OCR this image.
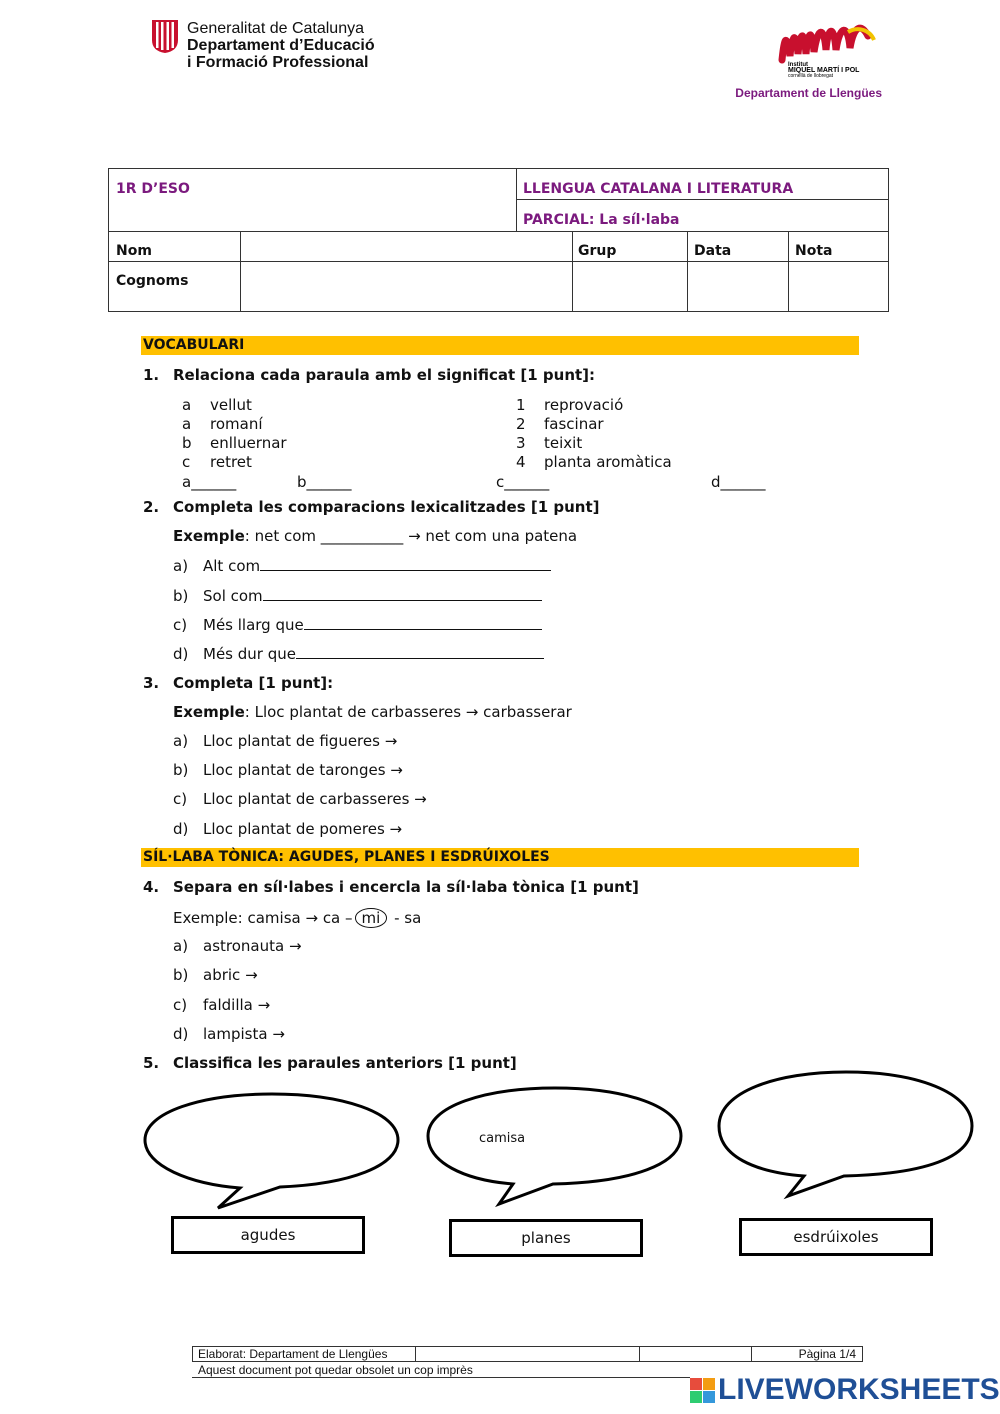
Generalitat de Catalunya
Departament d’Educació
i Formació Professional	Institut
MIQUEL MARTÍ I POL
cornellà de llobregat
Departament de Llengües
1R D’ESO	LLENGUA CATALANA I LITERATURA
PARCIAL: La síl·laba
Nom	Grup	Data	Nota
Cognoms
VOCABULARI
1. Relaciona cada paraula amb el significat [1 punt]:
a vellut
a romaní
b enlluernar
c retret
1 reprovació
2 fascinar
3 teixit
4 planta aromàtica
a______	b______	c______	d______
2. Completa les comparacions lexicalitzades [1 punt]
Exemple: net com ___________ → net com una patena
a) Alt com
b) Sol com
c) Més llarg que
d) Més dur que
3. Completa [1 punt]:
Exemple: Lloc plantat de carbasseres → carbasserar
a) Lloc plantat de figueres →
b) Lloc plantat de taronges →
c) Lloc plantat de carbasseres →
d) Lloc plantat de pomeres →
SÍL·LABA TÒNICA: AGUDES, PLANES I ESDRÚIXOLES
4. Separa en síl·labes i encercla la síl·laba tònica [1 punt]
Exemple: camisa → ca – mi - sa
a) astronauta →
b) abric →
c) faldilla →
d) lampista →
5. Classifica les paraules anteriors [1 punt]
camisa
agudes	planes	esdrúixoles
Elaborat: Departament de Llengües	Pàgina 1/4
Aquest document pot quedar obsolet un cop imprès
LIVEWORKSHEETS
